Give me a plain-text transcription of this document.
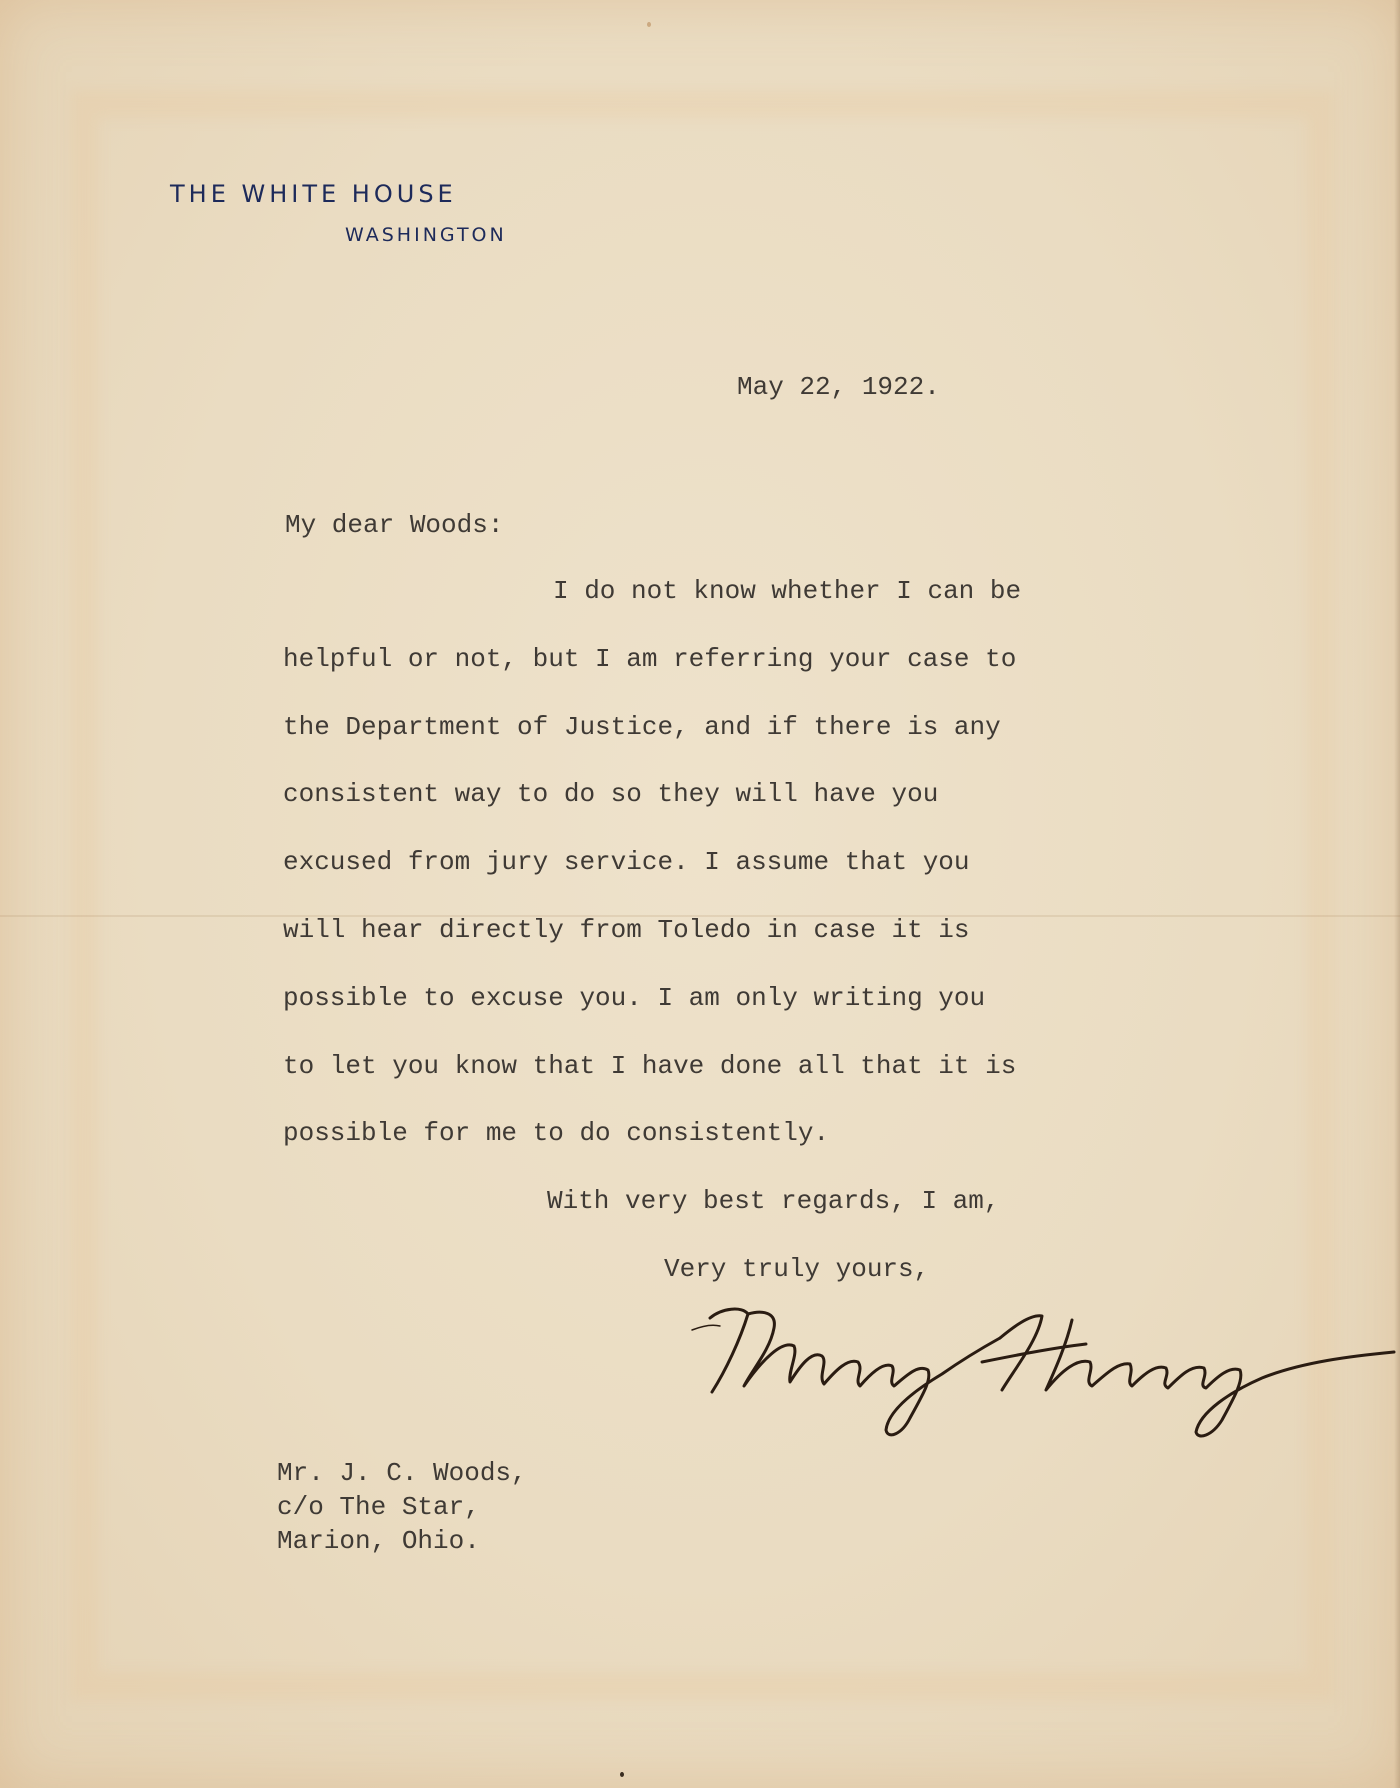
THE WHITE HOUSE
WASHINGTON
May 22, 1922.
My dear Woods:
I do not know whether I can be
helpful or not, but I am referring your case to
the Department of Justice, and if there is any
consistent way to do so they will have you
excused from jury service. I assume that you
will hear directly from Toledo in case it is
possible to excuse you. I am only writing you
to let you know that I have done all that it is
possible for me to do consistently.
With very best regards, I am,
Very truly yours,
Mr. J. C. Woods,
c/o The Star,
Marion, Ohio.
